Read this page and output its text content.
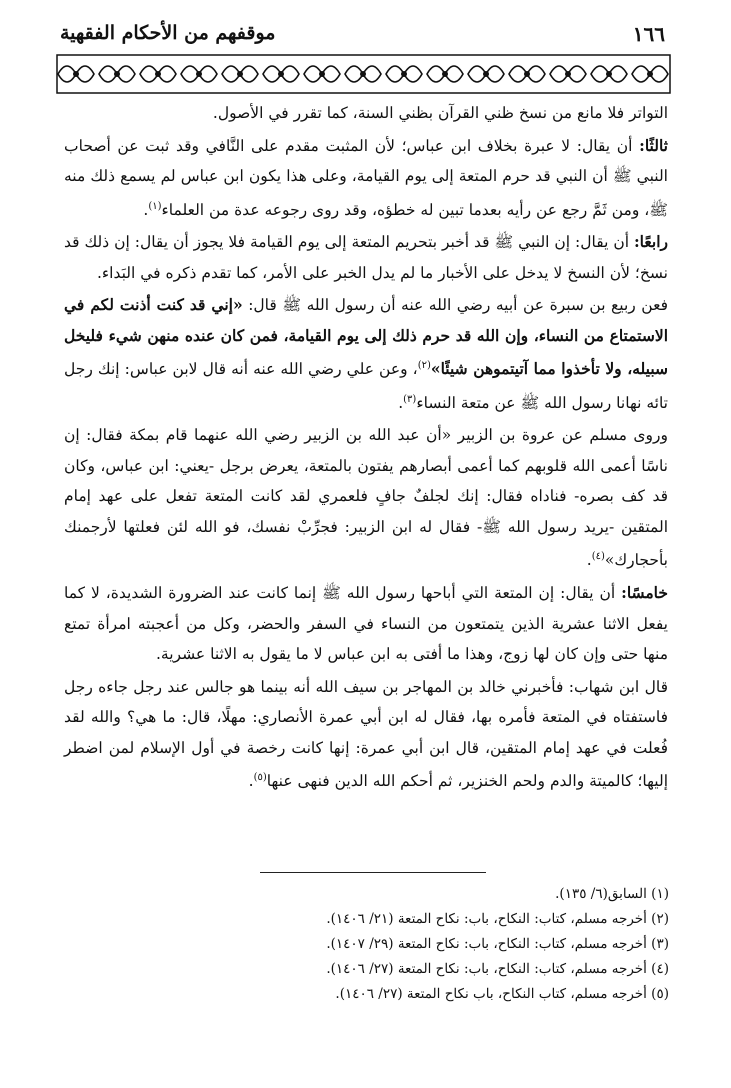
١٦٦
موقفهم من الأحكام الفقهية

التواتر فلا مانع من نسخ ظني القرآن بظني السنة، كما تقرر في الأصول.

ثالثًا: أن يقال: لا عبرة بخلاف ابن عباس؛ لأن المثبت مقدم على النَّافي وقد ثبت عن أصحاب النبي ﷺ أن النبي قد حرم المتعة إلى يوم القيامة، وعلى هذا يكون ابن عباس لم يسمع ذلك منه ﷺ، ومن ثَمَّ رجع عن رأيه بعدما تبين له خطؤه، وقد روى رجوعه عدة من العلماء$^{(١)}$.

رابعًا: أن يقال: إن النبي ﷺ قد أخبر بتحريم المتعة إلى يوم القيامة فلا يجوز أن يقال: إن ذلك قد نسخ؛ لأن النسخ لا يدخل على الأخبار ما لم يدل الخبر على الأمر، كما تقدم ذكره في البَداء.

فعن ربيع بن سبرة عن أبيه رضي الله عنه أن رسول الله ﷺ قال: «إني قد كنت أذنت لكم في الاستمتاع من النساء، وإن الله قد حرم ذلك إلى يوم القيامة، فمن كان عنده منهن شيء فليخل سبيله، ولا تأخذوا مما آتيتموهن شيئًا»$^{(٢)}$، وعن علي رضي الله عنه أنه قال لابن عباس: إنك رجل تائه نهانا رسول الله ﷺ عن متعة النساء$^{(٣)}$.

وروى مسلم عن عروة بن الزبير «أن عبد الله بن الزبير رضي الله عنهما قام بمكة فقال: إن ناسًا أعمى الله قلوبهم كما أعمى أبصارهم يفتون بالمتعة، يعرض برجل -يعني: ابن عباس، وكان قد كف بصره- فناداه فقال: إنك لجلفٌ جافٍ فلعمري لقد كانت المتعة تفعل على عهد إمام المتقين -يريد رسول الله ﷺ- فقال له ابن الزبير: فجرِّبْ نفسك، فو الله لئن فعلتها لأرجمنك بأحجارك»$^{(٤)}$.

خامسًا: أن يقال: إن المتعة التي أباحها رسول الله ﷺ إنما كانت عند الضرورة الشديدة، لا كما يفعل الاثنا عشرية الذين يتمتعون من النساء في السفر والحضر، وكل من أعجبته امرأة تمتع منها حتى وإن كان لها زوج، وهذا ما أفتى به ابن عباس لا ما يقول به الاثنا عشرية.

قال ابن شهاب: فأخبرني خالد بن المهاجر بن سيف الله أنه بينما هو جالس عند رجل جاءه رجل فاستفتاه في المتعة فأمره بها، فقال له ابن أبي عمرة الأنصاري: مهلًا، قال: ما هي؟ والله لقد فُعلت في عهد إمام المتقين، قال ابن أبي عمرة: إنها كانت رخصة في أول الإسلام لمن اضطر إليها؛ كالميتة والدم ولحم الخنزير، ثم أحكم الله الدين فنهى عنها$^{(٥)}$.

(١) السابق(٦/ ١٣٥).
(٢) أخرجه مسلم، كتاب: النكاح، باب: نكاح المتعة (٢١/ ١٤٠٦).
(٣) أخرجه مسلم، كتاب: النكاح، باب: نكاح المتعة (٢٩/ ١٤٠٧).
(٤) أخرجه مسلم، كتاب: النكاح، باب: نكاح المتعة (٢٧/ ١٤٠٦).
(٥) أخرجه مسلم، كتاب النكاح، باب نكاح المتعة (٢٧/ ١٤٠٦).
